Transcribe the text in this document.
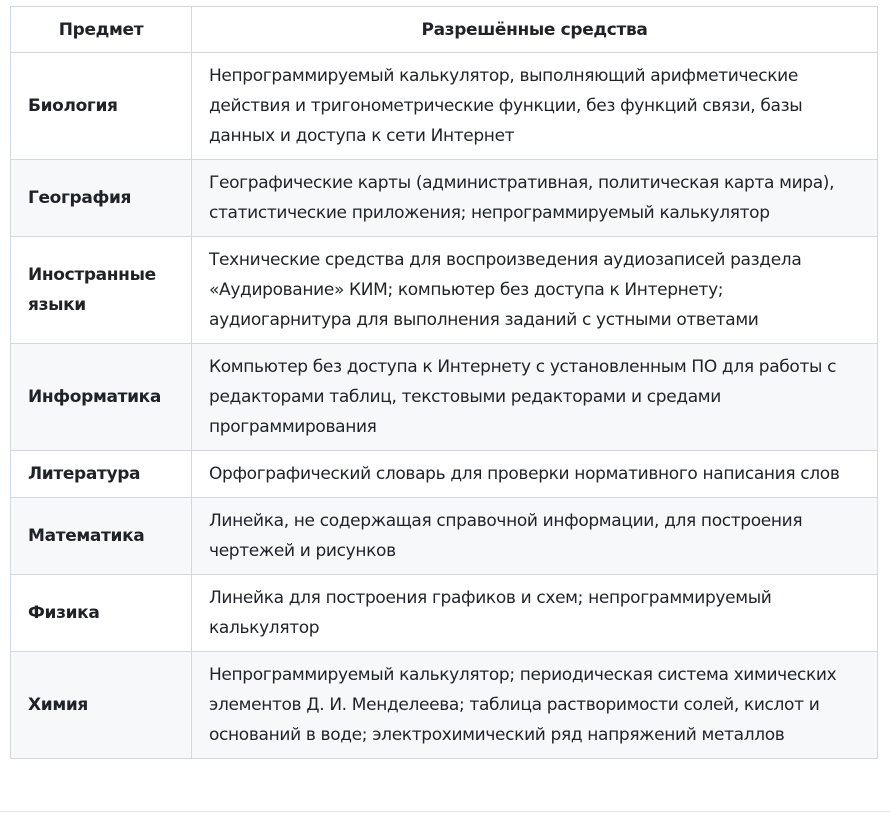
Предмет	Разрешённые средства
Биология	Непрограммируемый калькулятор, выполняющий арифметические действия и тригонометрические функции, без функций связи, базы данных и доступа к сети Интернет
География	Географические карты (административная, политическая карта мира), статистические приложения; непрограммируемый калькулятор
Иностранные языки	Технические средства для воспроизведения аудиозаписей раздела «Аудирование» КИМ; компьютер без доступа к Интернету; аудиогарнитура для выполнения заданий с устными ответами
Информатика	Компьютер без доступа к Интернету с установленным ПО для работы с редакторами таблиц, текстовыми редакторами и средами программирования
Литература	Орфографический словарь для проверки нормативного написания слов
Математика	Линейка, не содержащая справочной информации, для построения чертежей и рисунков
Физика	Линейка для построения графиков и схем; непрограммируемый калькулятор
Химия	Непрограммируемый калькулятор; периодическая система химических элементов Д. И. Менделеева; таблица растворимости солей, кислот и оснований в воде; электрохимический ряд напряжений металлов
